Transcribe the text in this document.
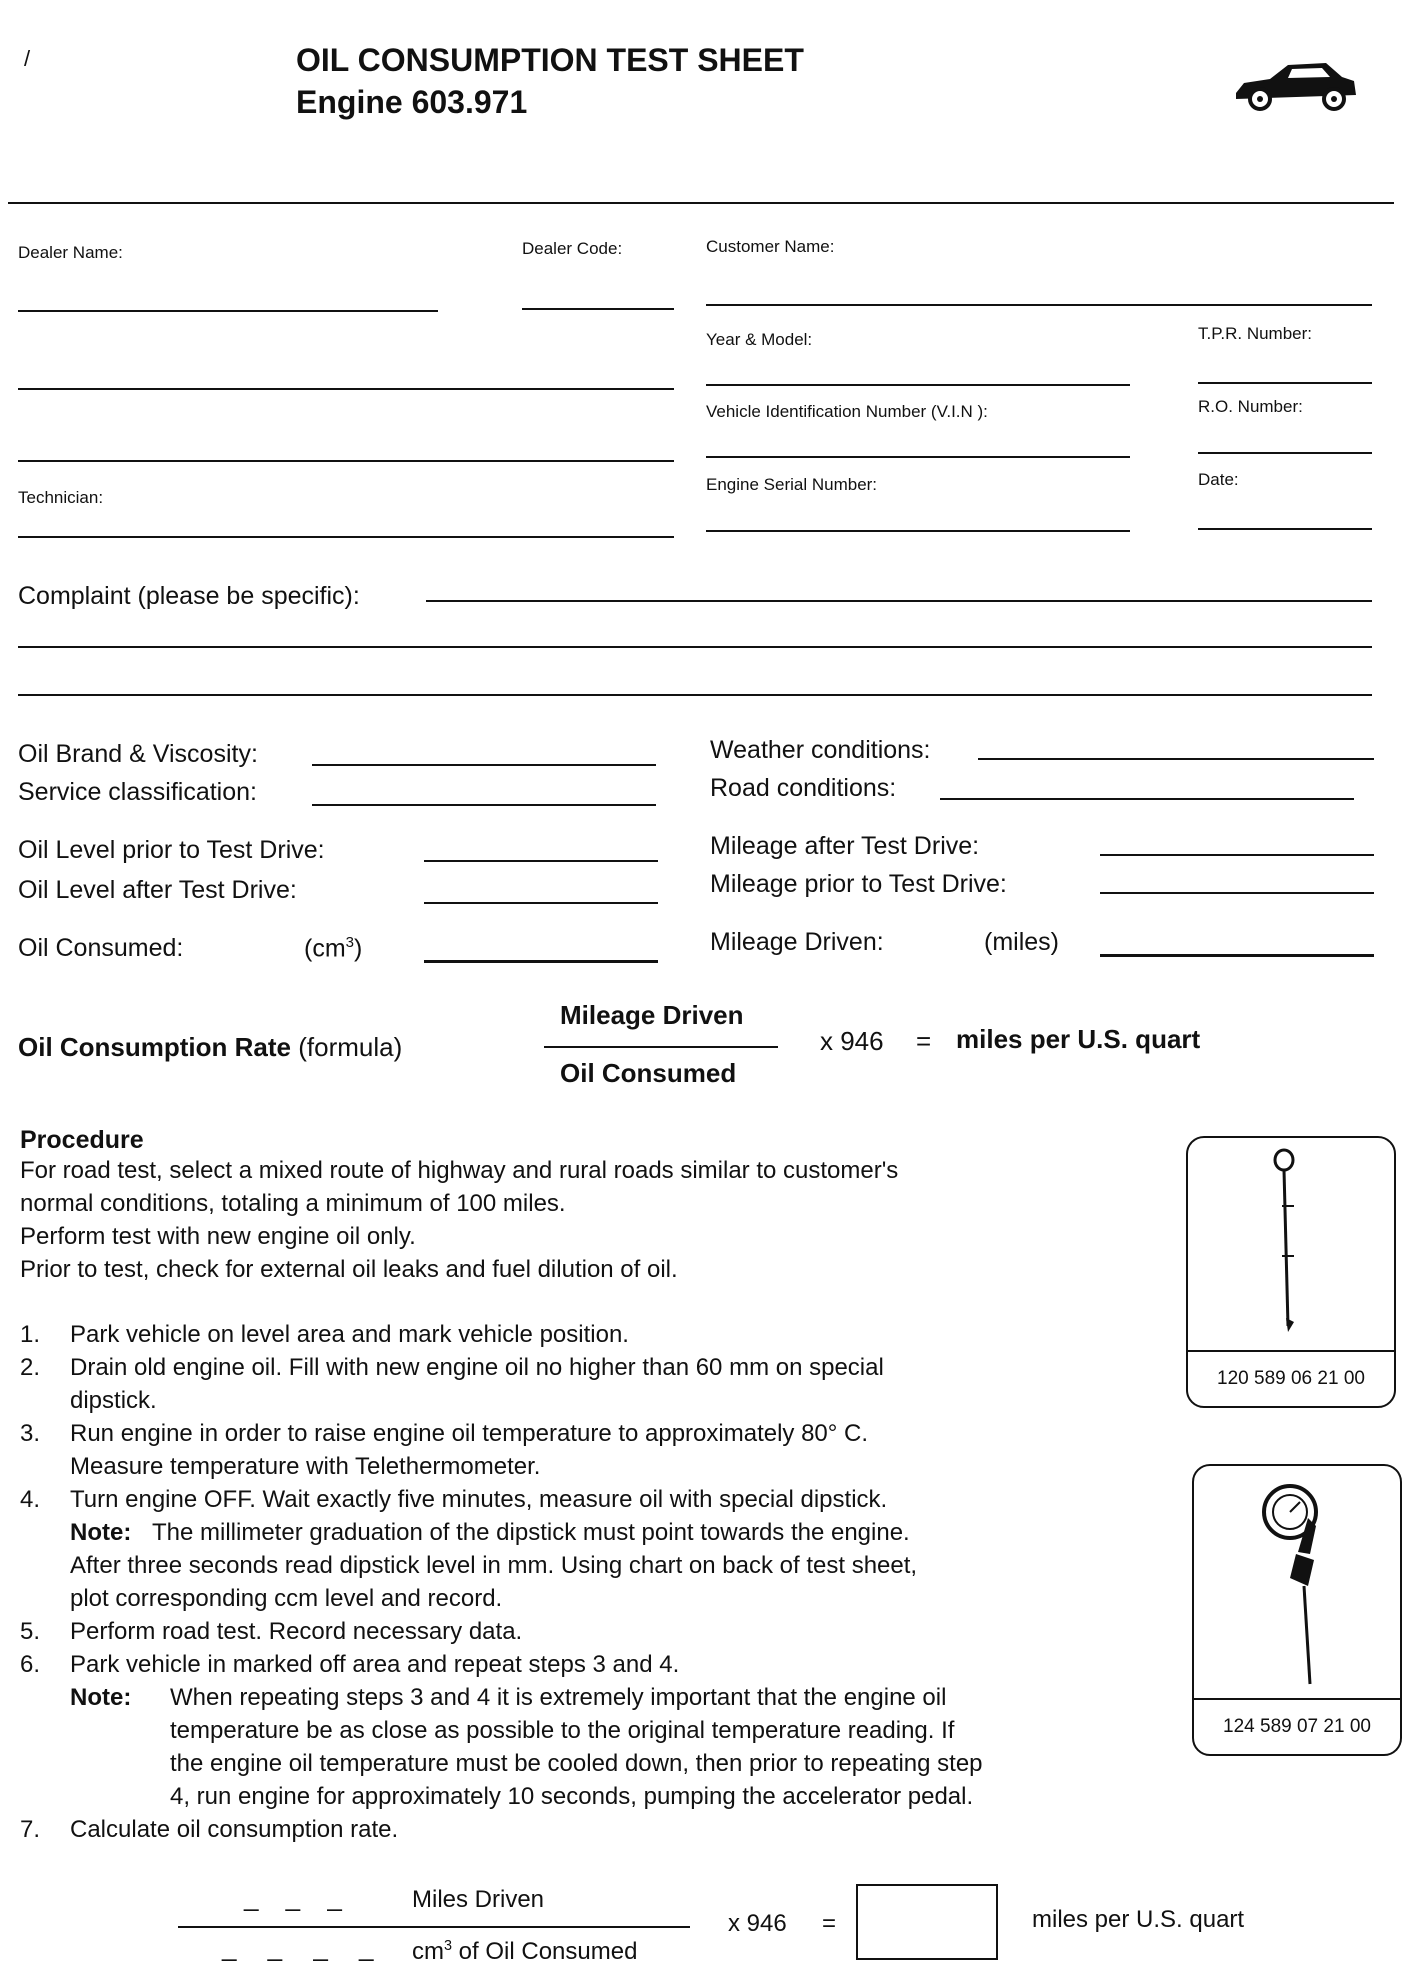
/	OIL CONSUMPTION TEST SHEET
Engine 603.971
Dealer Name:	Dealer Code:	Customer Name:
Year & Model:	T.P.R. Number:
Vehicle Identification Number (V.I.N ):	R.O. Number:
Technician:
Engine Serial Number:	Date:
Complaint (please be specific):
Oil Brand & Viscosity:
Service classification:
Weather conditions:
Road conditions:
Oil Level prior to Test Drive:
Oil Level after Test Drive:
Mileage after Test Drive:
Mileage prior to Test Drive:
Oil Consumed:	$(cm^3)$	Mileage Driven:	(miles)
Oil Consumption Rate (formula)
Mileage Driven
Oil Consumed
x 946 = miles per U.S. quart
Procedure
For road test, select a mixed route of highway and rural roads similar to customer's
normal conditions, totaling a minimum of 100 miles.
Perform test with new engine oil only.
Prior to test, check for external oil leaks and fuel dilution of oil.
1.	Park vehicle on level area and mark vehicle position.
2.	Drain old engine oil. Fill with new engine oil no higher than 60 mm on special
dipstick.
3.	Run engine in order to raise engine oil temperature to approximately 80° C.
Measure temperature with Telethermometer.
4.	Turn engine OFF. Wait exactly five minutes, measure oil with special dipstick.
Note: The millimeter graduation of the dipstick must point towards the engine.
After three seconds read dipstick level in mm. Using chart on back of test sheet,
plot corresponding ccm level and record.
5.	Perform road test. Record necessary data.
6.	Park vehicle in marked off area and repeat steps 3 and 4.
Note:	When repeating steps 3 and 4 it is extremely important that the engine oil
temperature be as close as possible to the original temperature reading. If
the engine oil temperature must be cooled down, then prior to repeating step
4, run engine for approximately 10 seconds, pumping the accelerator pedal.
7.	Calculate oil consumption rate.
120 589 06 21 00
124 589 07 21 00
_ _ _	Miles Driven
_ _ _ _ $cm^3$ of Oil Consumed
x 946 =	miles per U.S. quart
